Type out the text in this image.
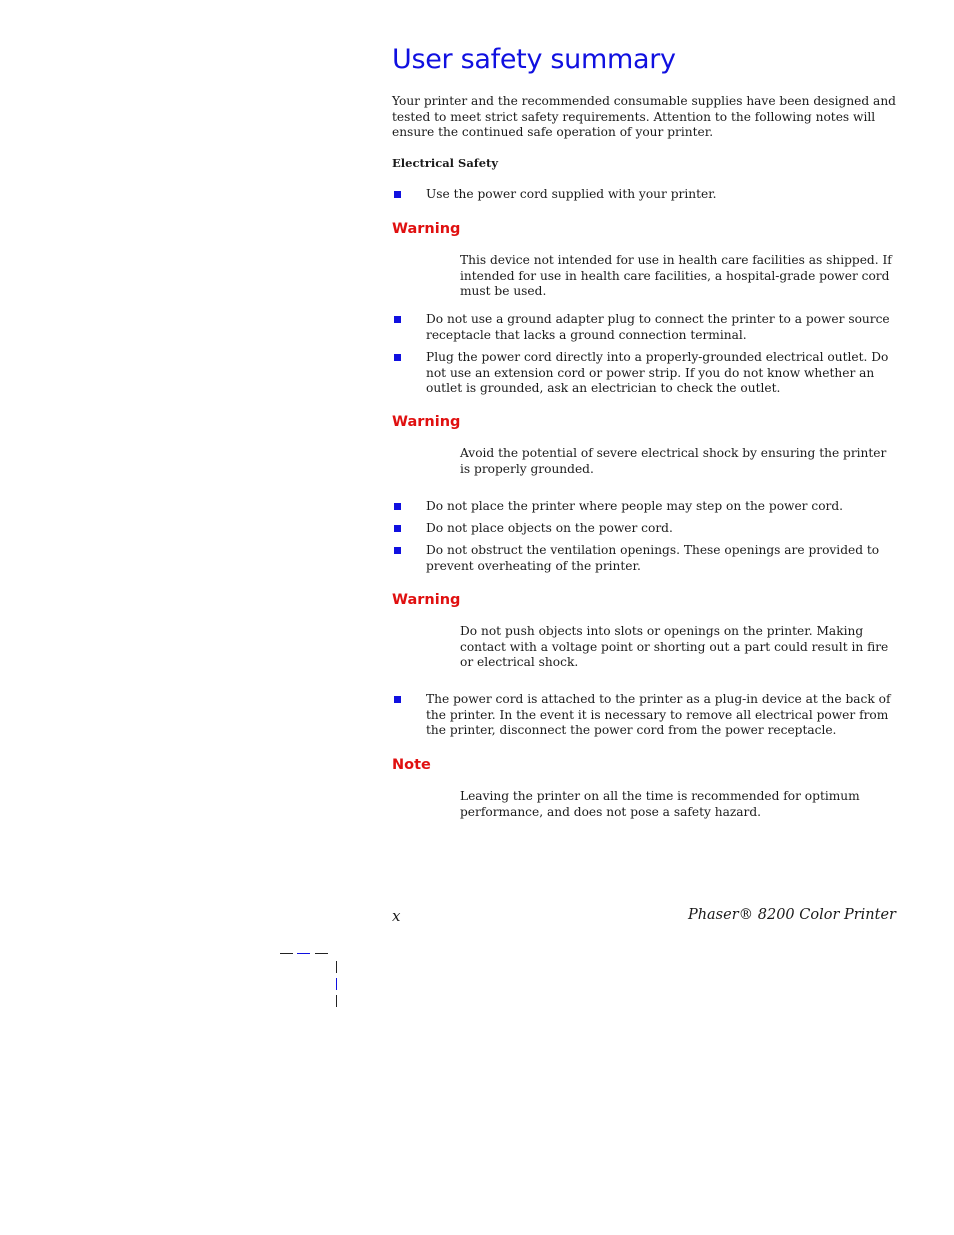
User safety summary

Your printer and the recommended consumable supplies have been designed and tested to meet strict safety requirements. Attention to the following notes will ensure the continued safe operation of your printer.

Electrical Safety

Use the power cord supplied with your printer.

Warning

This device not intended for use in health care facilities as shipped. If intended for use in health care facilities, a hospital-grade power cord must be used.

Do not use a ground adapter plug to connect the printer to a power source receptacle that lacks a ground connection terminal.
Plug the power cord directly into a properly-grounded electrical outlet. Do not use an extension cord or power strip. If you do not know whether an outlet is grounded, ask an electrician to check the outlet.

Warning

Avoid the potential of severe electrical shock by ensuring the printer is properly grounded.

Do not place the printer where people may step on the power cord.
Do not place objects on the power cord.
Do not obstruct the ventilation openings. These openings are provided to prevent overheating of the printer.

Warning

Do not push objects into slots or openings on the printer. Making contact with a voltage point or shorting out a part could result in fire or electrical shock.

The power cord is attached to the printer as a plug-in device at the back of the printer. In the event it is necessary to remove all electrical power from the printer, disconnect the power cord from the power receptacle.

Note

Leaving the printer on all the time is recommended for optimum performance, and does not pose a safety hazard.

x	Phaser® 8200 Color Printer
